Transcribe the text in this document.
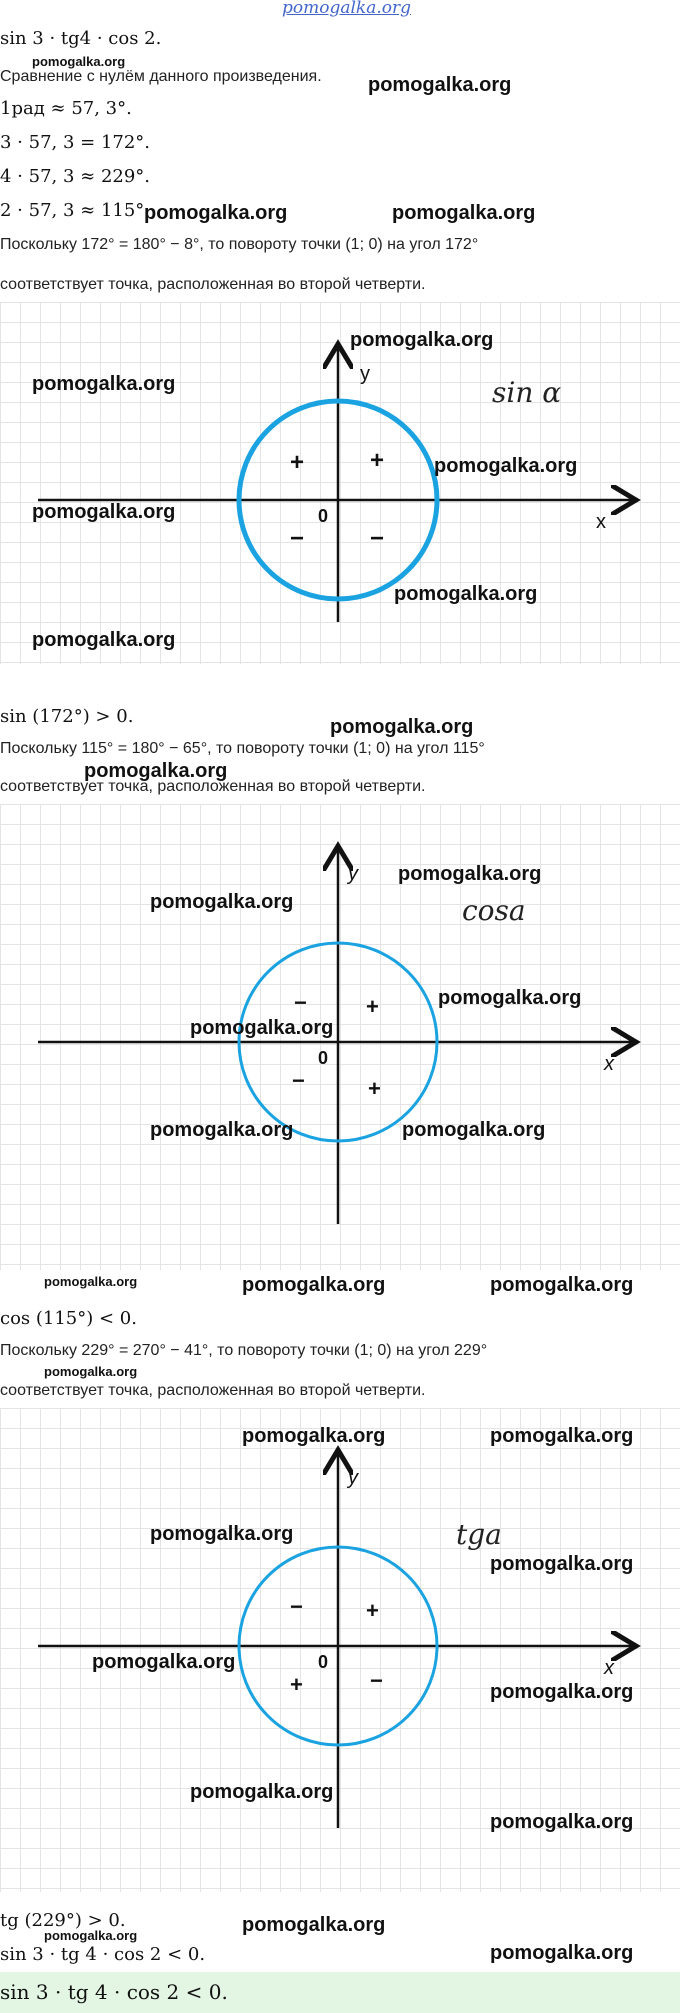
pomogalka.org
sin 3 · tg4 · cos 2.
pomogalka.org
Сравнение с нулём данного произведения. pomogalka.org
1рад ≈ 57, 3°.
3 · 57, 3 = 172°.
4 · 57, 3 ≈ 229°.
2 · 57, 3 ≈ 115° pomogalka.org	pomogalka.org
Поскольку 172° = 180° − 8°, то повороту точки (1; 0) на угол 172°
соответствует точка, расположенная во второй четверти.
x
y
0
+
+
−	−
sin α
pomogalka.org
pomogalka.org
pomogalka.org
pomogalka.org
pomogalka.org
pomogalka.org
sin (172°) > 0.	pomogalka.org
Поскольку 115° = 180° − 65°, то повороту точки (1; 0) на угол 115°
pomogalka.org
соответствует точка, расположенная во второй четверти.
x
y
0
+
−
−	+
cosa
pomogalka.org
pomogalka.org
pomogalka.org
pomogalka.org
pomogalka.org	pomogalka.org
pomogalka.org	pomogalka.org	pomogalka.org
cos (115°) < 0.
Поскольку 229° = 270° − 41°, то повороту точки (1; 0) на угол 229°
pomogalka.org
соответствует точка, расположенная во второй четверти.
pomogalka.org	pomogalka.org
x
y
0
+
−
+	−
tga
pomogalka.org
pomogalka.org
pomogalka.org
pomogalka.org
pomogalka.org
pomogalka.org
tg (229°) > 0.	pomogalka.org
pomogalka.org
sin 3 · tg 4 · cos 2 < 0.	pomogalka.org
sin 3 · tg 4 · cos 2 < 0.
